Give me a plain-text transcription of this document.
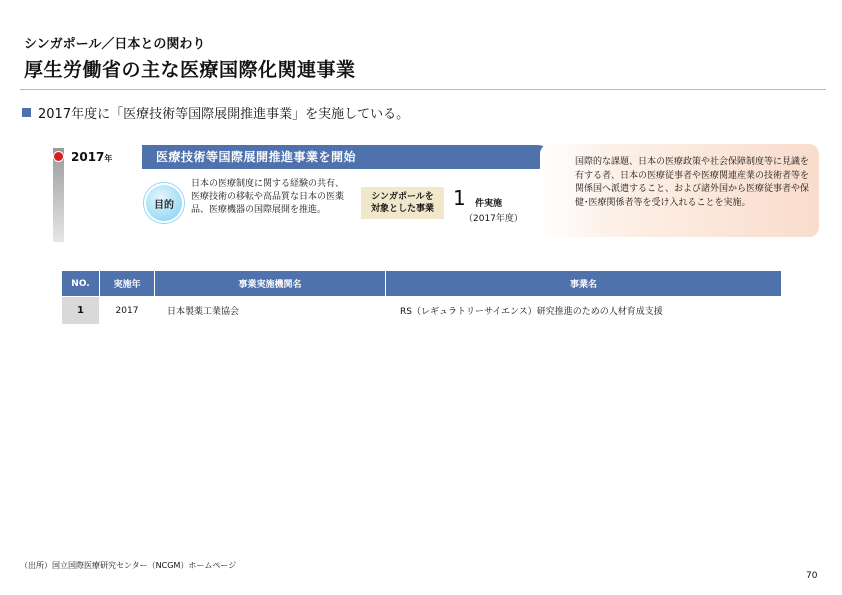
シンガポール／日本との関わり
厚生労働省の主な医療国際化関連事業
2017年度に「医療技術等国際展開推進事業」を実施している。
2017年	医療技術等国際展開推進事業を開始
目的
日本の医療制度に関する経験の共有、医療技術の移転や高品質な日本の医薬品、医療機器の国際展開を推進。
シンガポールを
対象とした事業 1 件実施
（2017年度）
国際的な課題、日本の医療政策や社会保障制度等に見識を有する者、日本の医療従事者や医療関連産業の技術者等を関係国へ派遣すること、および諸外国から医療従事者や保健･医療関係者等を受け入れることを実施。
NO.	実施年	事業実施機関名	事業名
1	2017	日本製薬工業協会	RS（レギュラトリーサイエンス）研究推進のための人材育成支援
（出所）国立国際医療研究センター（NCGM）ホームページ
70
